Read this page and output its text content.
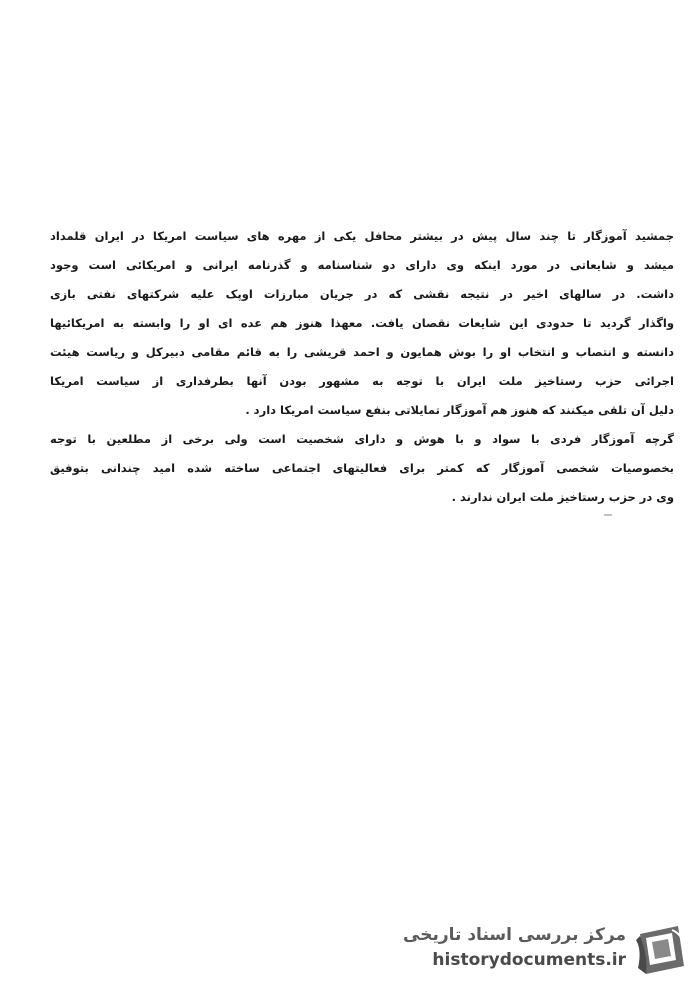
جمشید آموزگار تا چند سال پیش در بیشتر محافل یکی از مهره های سیاست امریکا در ایران قلمداد
میشد و شایعاتی در مورد اینکه وی دارای دو شناسنامه و گذرنامه ایرانی و امریکائی است وجود
داشت. در سالهای اخیر در نتیجه نقشی که در جریان مبارزات اوپک علیه شرکتهای نفتی بازی
واگذار گردید تا حدودی این شایعات نقصان یافت. معهذا هنوز هم عده ای او را وابسته به امریکائیها
دانسته و انتصاب و انتخاب او را بوش همایون و احمد قریشی را به قائم مقامی دبیرکل و ریاست هیئت
اجرائی حزب رستاخیز ملت ایران با توجه به مشهور بودن آنها بطرفداری از سیاست امریکا
دلیل آن تلقی میکنند که هنوز هم آموزگار تمایلاتی بنفع سیاست امریکا دارد .
گرچه آموزگار فردی با سواد و با هوش و دارای شخصیت است ولی برخی از مطلعین با توجه
بخصوصیات شخصی آموزگار که کمتر برای فعالیتهای اجتماعی ساخته شده امید چندانی بتوفیق
وی در حزب رستاخیز ملت ایران ندارند .
مرکز بررسی اسناد تاریخی
historydocuments.ir
